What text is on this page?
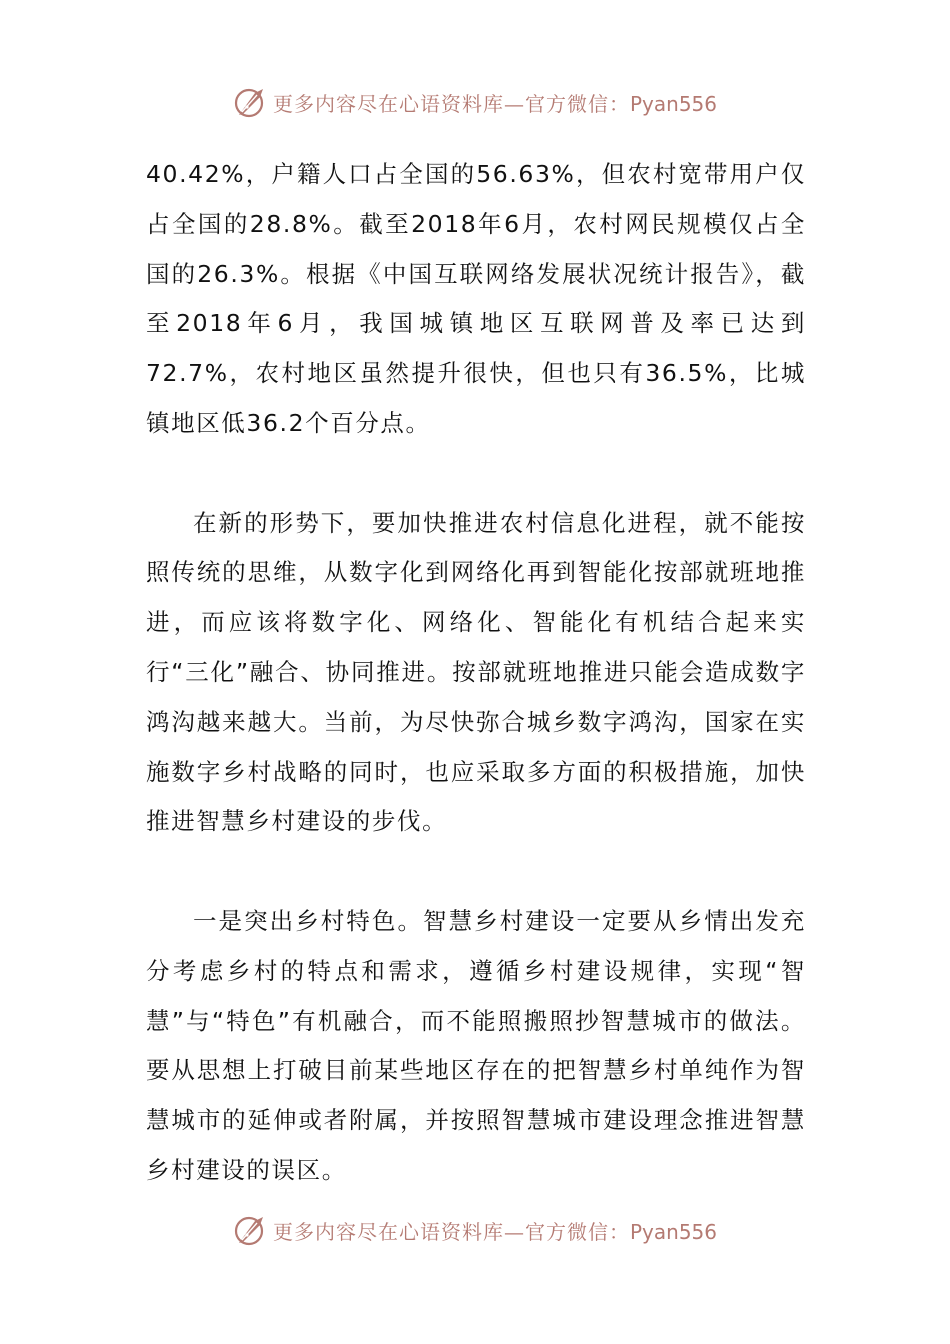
更多内容尽在心语资料库—官方微信：Pyan556

40.42%，户籍人口占全国的56.63%，但农村宽带用户仅占全国的28.8%。截至2018年6月，农村网民规模仅占全国的26.3%。根据《中国互联网络发展状况统计报告》，截至2018年6月，我国城镇地区互联网普及率已达到72.7%，农村地区虽然提升很快，但也只有36.5%，比城镇地区低36.2个百分点。

在新的形势下，要加快推进农村信息化进程，就不能按照传统的思维，从数字化到网络化再到智能化按部就班地推进，而应该将数字化、网络化、智能化有机结合起来实行“三化”融合、协同推进。按部就班地推进只能会造成数字鸿沟越来越大。当前，为尽快弥合城乡数字鸿沟，国家在实施数字乡村战略的同时，也应采取多方面的积极措施，加快推进智慧乡村建设的步伐。

一是突出乡村特色。智慧乡村建设一定要从乡情出发充分考虑乡村的特点和需求，遵循乡村建设规律，实现“智慧”与“特色”有机融合，而不能照搬照抄智慧城市的做法。要从思想上打破目前某些地区存在的把智慧乡村单纯作为智慧城市的延伸或者附属，并按照智慧城市建设理念推进智慧乡村建设的误区。

更多内容尽在心语资料库—官方微信：Pyan556
